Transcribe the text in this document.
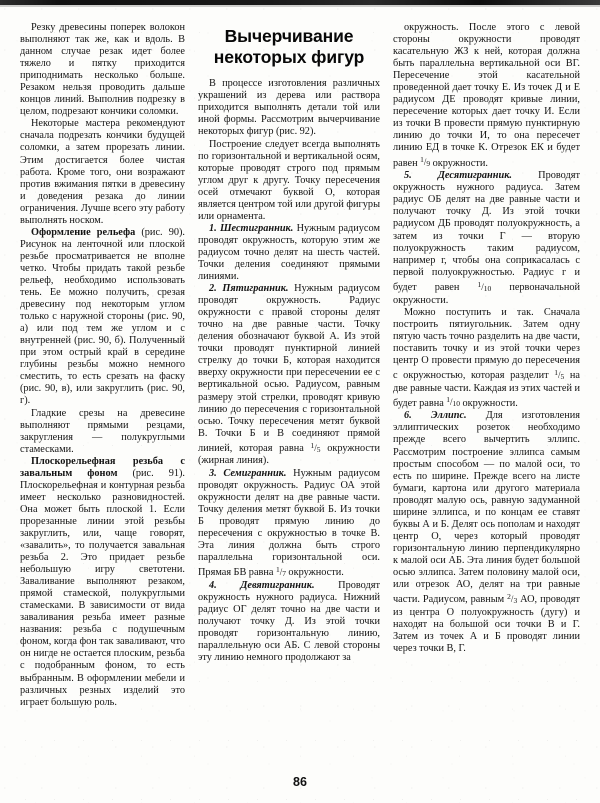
Резку древесины поперек волокон выполняют так же, как и вдоль. В данном случае резак идет более тяжело и пятку приходится приподнимать несколько больше. Резаком нельзя проводить дальше концов линий. Выполнив подрезку в целом, подрезают кончики соломки.

Некоторые мастера рекомендуют сначала подрезать кончики будущей соломки, а затем прорезать линии. Этим достигается более чистая работа. Кроме того, они возражают против вжимания пятки в древесину и доведения резака до линии ограничения. Лучше всего эту работу выполнять носком.

Оформление рельефа (рис. 90). Рисунок на ленточной или плоской резьбе просматривается не вполне четко. Чтобы придать такой резьбе рельеф, необходимо использовать тень. Ее можно получить, срезая древесину под некоторым углом только с наружной стороны (рис. 90, а) или под тем же углом и с внутренней (рис. 90, б). Полученный при этом острый край в середине глубины резьбы можно немного сместить, то есть срезать на фаску (рис. 90, в), или закруглить (рис. 90, г).

Гладкие срезы на древесине выполняют прямыми резцами, закругления — полукруглыми стамесками.

Плоскорельефная резьба с завальным фоном (рис. 91). Плоскорельефная и контурная резьба имеет несколько разновидностей. Она может быть плоской 1. Если прорезанные линии этой резьбы закруглить, или, чаще говорят, «завалить», то получается завальная резьба 2. Это придает резьбе небольшую игру светотени. Заваливание выполняют резаком, прямой стамеской, полукруглыми стамесками. В зависимости от вида заваливания резьба имеет разные названия: резьба с подушечным фоном, когда фон так заваливают, что он нигде не остается плоским, резьба с подобранным фоном, то есть выбранным. В оформлении мебели и различных резных изделий это играет большую роль.

Вычерчивание некоторых фигур

В процессе изготовления различных украшений из дерева или раствора приходится выполнять детали той или иной формы. Рассмотрим вычерчивание некоторых фигур (рис. 92).

Построение следует всегда выполнять по горизонтальной и вертикальной осям, которые проводят строго под прямым углом друг к другу. Точку пересечения осей отмечают буквой О, которая является центром той или другой фигуры или орнамента.

1. Шестигранник. Нужным радиусом проводят окружность, которую этим же радиусом точно делят на шесть частей. Точки деления соединяют прямыми линиями.

2. Пятигранник. Нужным радиусом проводят окружность. Радиус окружности с правой стороны делят точно на две равные части. Точку деления обозначают буквой А. Из этой точки проводят пунктирной линией стрелку до точки Б, которая находится вверху окружности при пересечении ее с вертикальной осью. Радиусом, равным размеру этой стрелки, проводят кривую линию до пересечения с горизонтальной осью. Точку пересечения метят буквой В. Точки Б и В соединяют прямой линией, которая равна $^1/_5$ окружности (жирная линия).

3. Семигранник. Нужным радиусом проводят окружность. Радиус ОА этой окружности делят на две равные части. Точку деления метят буквой Б. Из точки Б проводят прямую линию до пересечения с окружностью в точке В. Эта линия должна быть строго параллельна горизонтальной оси. Прямая БВ равна $^1/_7$ окружности.

4. Девятигранник. Проводят окружность нужного радиуса. Нижний радиус ОГ делят точно на две части и получают точку Д. Из этой точки проводят горизонтальную линию, параллельную оси АБ. С левой стороны эту линию немного продолжают за

окружность. После этого с левой стороны окружности проводят касательную ЖЗ к ней, которая должна быть параллельна вертикальной оси ВГ. Пересечение этой касательной проведенной дает точку Е. Из точек Д и Е радиусом ДЕ проводят кривые линии, пересечение которых дает точку И. Если из точки В провести прямую пунктирную линию до точки И, то она пересечет линию ЕД в точке К. Отрезок ЕК и будет равен $^1/_9$ окружности.

5. Десятигранник. Проводят окружность нужного радиуса. Затем радиус ОБ делят на две равные части и получают точку Д. Из этой точки радиусом ДБ проводят полуокружность, а затем из точки Г — вторую полуокружность таким радиусом, например г, чтобы она соприкасалась с первой полуокружностью. Радиус г и будет равен $^1/_{10}$ первоначальной окружности.

Можно поступить и так. Сначала построить пятиугольник. Затем одну пятую часть точно разделить на две части, поставить точку и из этой точки через центр О провести прямую до пересечения с окружностью, которая разделит $^1/_5$ на две равные части. Каждая из этих частей и будет равна $^1/_{10}$ окружности.

6. Эллипс. Для изготовления эллиптических розеток необходимо прежде всего вычертить эллипс. Рассмотрим построение эллипса самым простым способом — по малой оси, то есть по ширине. Прежде всего на листе бумаги, картона или другого материала проводят малую ось, равную задуманной ширине эллипса, и по концам ее ставят буквы А и Б. Делят ось пополам и находят центр О, через который проводят горизонтальную линию перпендикулярно к малой оси АБ. Эта линия будет большой осью эллипса. Затем половину малой оси, или отрезок АО, делят на три равные части. Радиусом, равным $^2/_3$ АО, проводят из центра О полуокружность (дугу) и находят на большой оси точки В и Г. Затем из точек А и Б проводят линии через точки В, Г.

86
